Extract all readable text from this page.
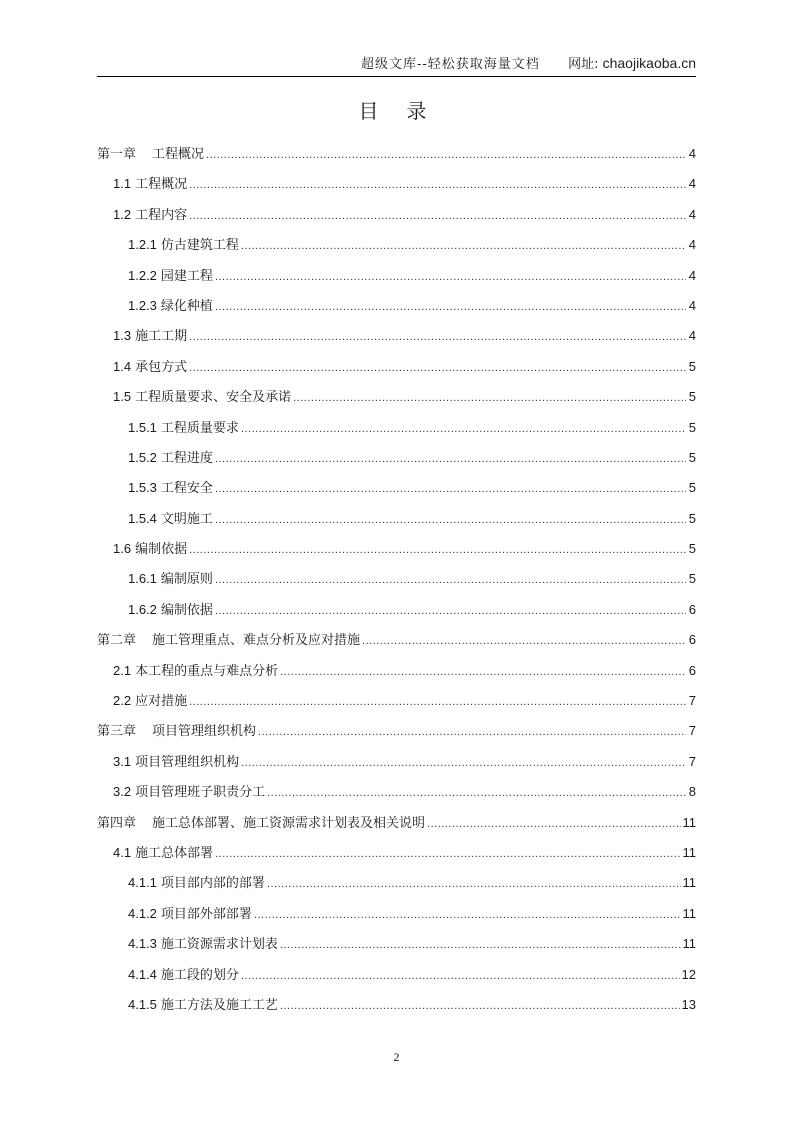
超级文库--轻松获取海量文档 网址: chaojikaoba.cn
目录
第一章 工程概况 .....	4
1.1 工程概况 .....	4
1.2 工程内容 .....	4
1.2.1 仿古建筑工程 .....	4
1.2.2 园建工程 .....	4
1.2.3 绿化种植 .....	4
1.3 施工工期 .....	4
1.4 承包方式 .....	5
1.5 工程质量要求、安全及承诺 .....	5
1.5.1 工程质量要求 .....	5
1.5.2 工程进度 .....	5
1.5.3 工程安全 .....	5
1.5.4 文明施工 .....	5
1.6 编制依据 .....	5
1.6.1 编制原则 .....	5
1.6.2 编制依据 .....	6
第二章 施工管理重点、难点分析及应对措施 .....	6
2.1 本工程的重点与难点分析 .....	6
2.2 应对措施 .....	7
第三章 项目管理组织机构 .....	7
3.1 项目管理组织机构 .....	7
3.2 项目管理班子职责分工 .....	8
第四章 施工总体部署、施工资源需求计划表及相关说明 .....	11
4.1 施工总体部署 .....	11
4.1.1 项目部内部的部署 .....	11
4.1.2 项目部外部部署 .....	11
4.1.3 施工资源需求计划表 .....	11
4.1.4 施工段的划分 .....	12
4.1.5 施工方法及施工工艺 .....	13
2
